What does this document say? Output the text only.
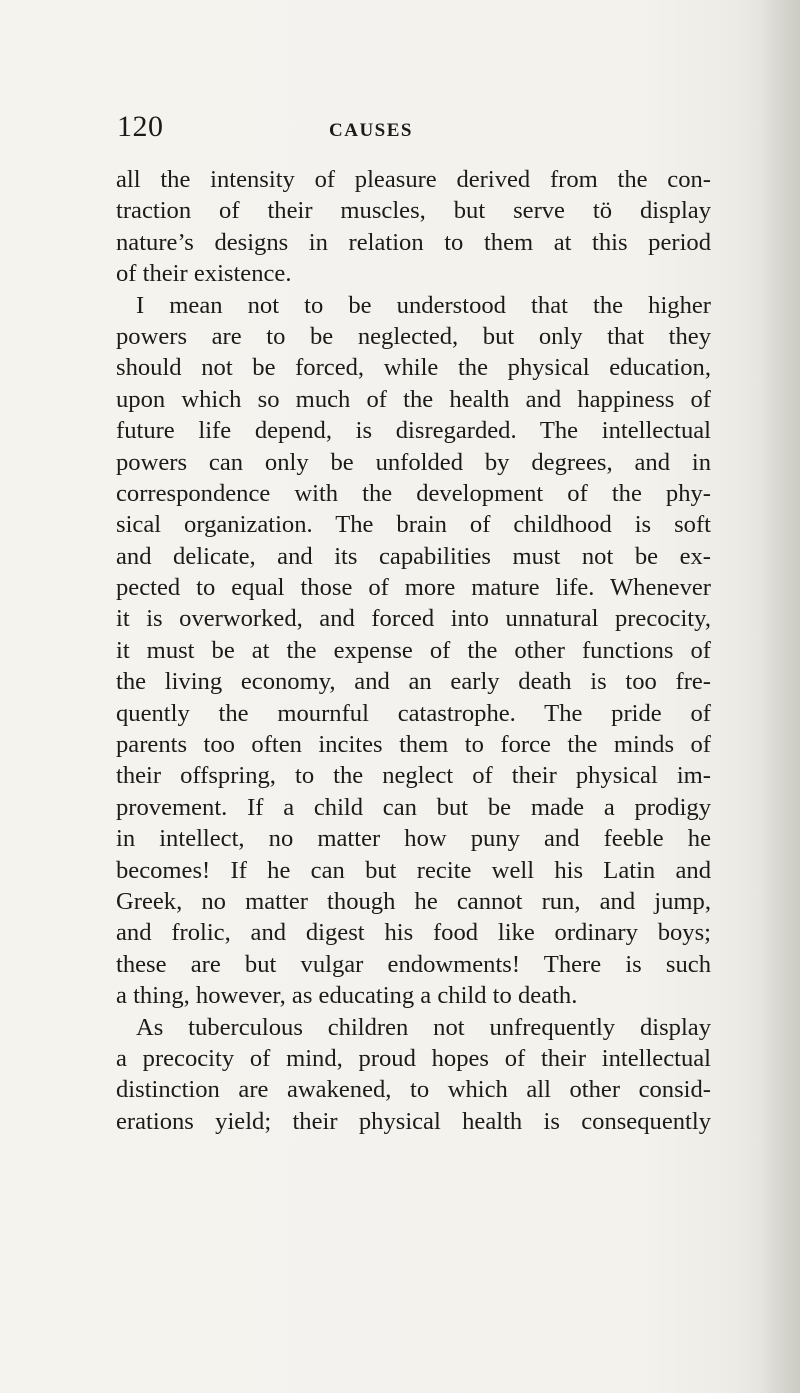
120	CAUSES
all the intensity of pleasure derived from the con-
traction of their muscles, but serve tö display
nature’s designs in relation to them at this period
of their existence.
I mean not to be understood that the higher
powers are to be neglected, but only that they
should not be forced, while the physical education,
upon which so much of the health and happiness of
future life depend, is disregarded. The intellectual
powers can only be unfolded by degrees, and in
correspondence with the development of the phy-
sical organization. The brain of childhood is soft
and delicate, and its capabilities must not be ex-
pected to equal those of more mature life. Whenever
it is overworked, and forced into unnatural precocity,
it must be at the expense of the other functions of
the living economy, and an early death is too fre-
quently the mournful catastrophe. The pride of
parents too often incites them to force the minds of
their offspring, to the neglect of their physical im-
provement. If a child can but be made a prodigy
in intellect, no matter how puny and feeble he
becomes! If he can but recite well his Latin and
Greek, no matter though he cannot run, and jump,
and frolic, and digest his food like ordinary boys;
these are but vulgar endowments! There is such
a thing, however, as educating a child to death.
As tuberculous children not unfrequently display
a precocity of mind, proud hopes of their intellectual
distinction are awakened, to which all other consid-
erations yield; their physical health is consequently
